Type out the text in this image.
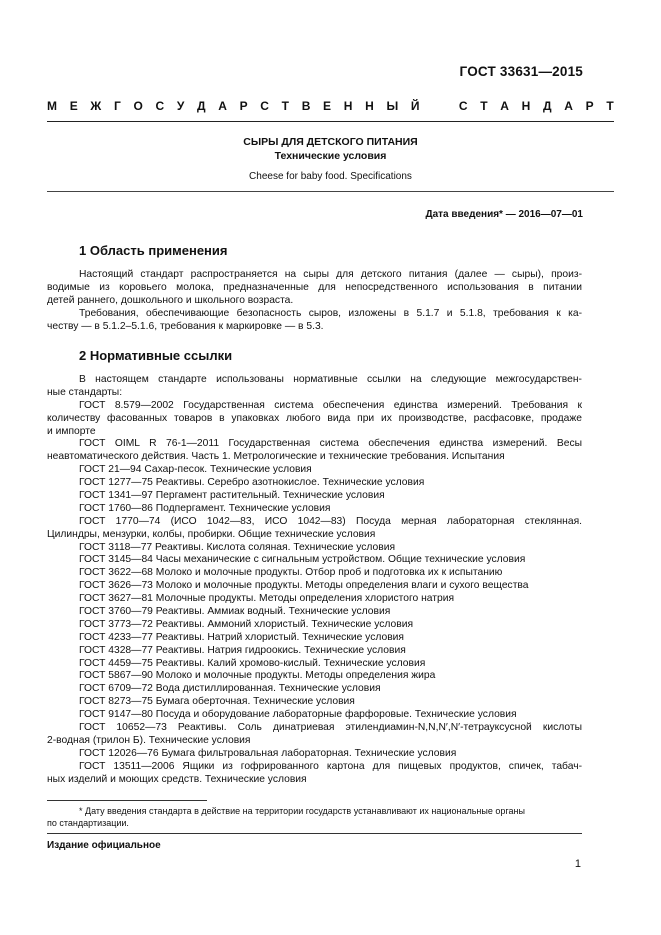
ГОСТ 33631—2015
М Е Ж Г О С У Д А Р С Т В Е Н Н Ы Й	С Т А Н Д А Р Т
СЫРЫ ДЛЯ ДЕТСКОГО ПИТАНИЯ
Технические условия
Cheese for baby food. Specifications
Дата введения* — 2016—07—01
1 Область применения
Настоящий стандарт распространяется на сыры для детского питания (далее — сыры), произ-
водимые из коровьего молока, предназначенные для непосредственного использования в питании
детей раннего, дошкольного и школьного возраста.
Требования, обеспечивающие безопасность сыров, изложены в 5.1.7 и 5.1.8, требования к ка-
честву — в 5.1.2–5.1.6, требования к маркировке — в 5.3.
2 Нормативные ссылки
В настоящем стандарте использованы нормативные ссылки на следующие межгосударствен-
ные стандарты:
ГОСТ 8.579—2002 Государственная система обеспечения единства измерений. Требования к
количеству фасованных товаров в упаковках любого вида при их производстве, расфасовке, продаже
и импорте
ГОСТ OIML R 76-1—2011 Государственная система обеспечения единства измерений. Весы
неавтоматического действия. Часть 1. Метрологические и технические требования. Испытания
ГОСТ 21—94 Сахар-песок. Технические условия
ГОСТ 1277—75 Реактивы. Серебро азотнокислое. Технические условия
ГОСТ 1341—97 Пергамент растительный. Технические условия
ГОСТ 1760—86 Подпергамент. Технические условия
ГОСТ 1770—74 (ИСО 1042—83, ИСО 1042—83) Посуда мерная лабораторная стеклянная.
Цилиндры, мензурки, колбы, пробирки. Общие технические условия
ГОСТ 3118—77 Реактивы. Кислота соляная. Технические условия
ГОСТ 3145—84 Часы механические с сигнальным устройством. Общие технические условия
ГОСТ 3622—68 Молоко и молочные продукты. Отбор проб и подготовка их к испытанию
ГОСТ 3626—73 Молоко и молочные продукты. Методы определения влаги и сухого вещества
ГОСТ 3627—81 Молочные продукты. Методы определения хлористого натрия
ГОСТ 3760—79 Реактивы. Аммиак водный. Технические условия
ГОСТ 3773—72 Реактивы. Аммоний хлористый. Технические условия
ГОСТ 4233—77 Реактивы. Натрий хлористый. Технические условия
ГОСТ 4328—77 Реактивы. Натрия гидроокись. Технические условия
ГОСТ 4459—75 Реактивы. Калий хромово-кислый. Технические условия
ГОСТ 5867—90 Молоко и молочные продукты. Методы определения жира
ГОСТ 6709—72 Вода дистиллированная. Технические условия
ГОСТ 8273—75 Бумага оберточная. Технические условия
ГОСТ 9147—80 Посуда и оборудование лабораторные фарфоровые. Технические условия
ГОСТ 10652—73 Реактивы. Соль динатриевая этилендиамин-N,N,N′,N′-тетрауксусной кислоты
2-водная (трилон Б). Технические условия
ГОСТ 12026—76 Бумага фильтровальная лабораторная. Технические условия
ГОСТ 13511—2006 Ящики из гофрированного картона для пищевых продуктов, спичек, табач-
ных изделий и моющих средств. Технические условия
* Дату введения стандарта в действие на территории государств устанавливают их национальные органы
по стандартизации.
Издание официальное
1
